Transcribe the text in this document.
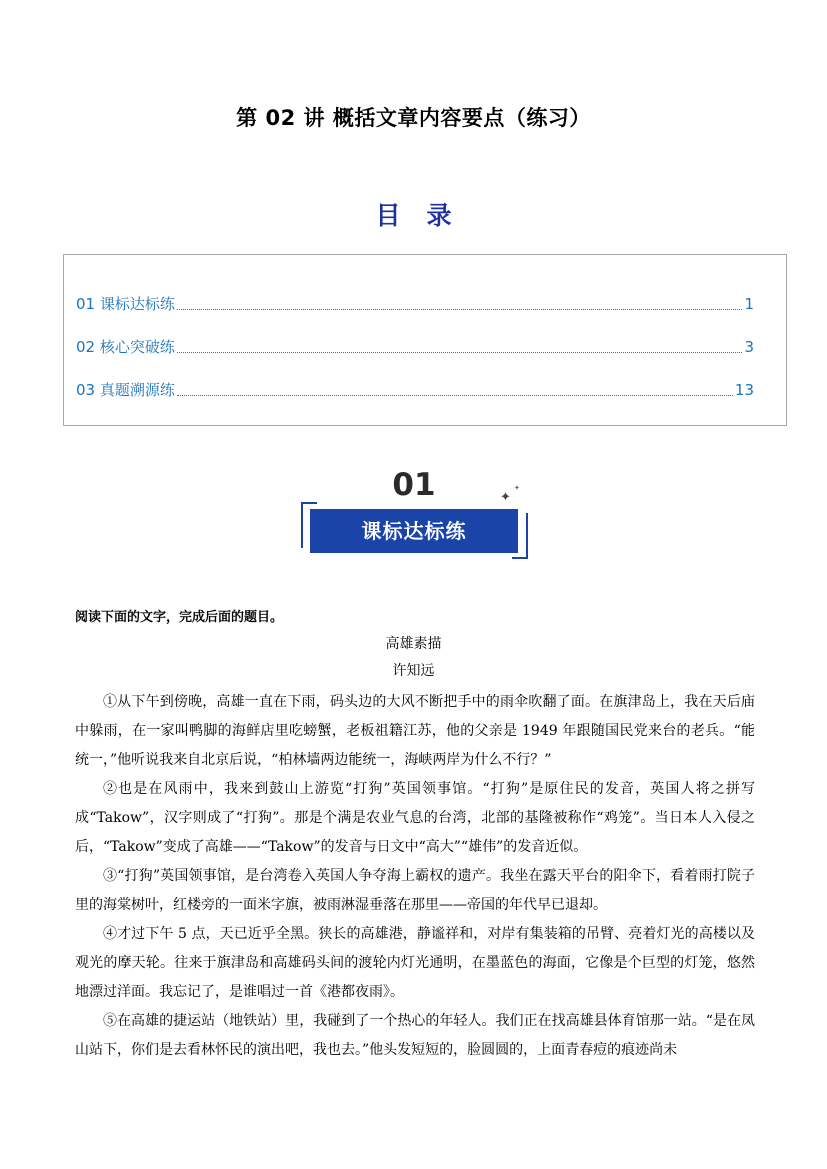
第 02 讲 概括文章内容要点（练习）
目 录
01 课标达标练	1
02 核心突破练	3
03 真题溯源练	13
01
课标达标练
✦
✦
阅读下面的文字，完成后面的题目。
高雄素描
许知远

①从下午到傍晚，高雄一直在下雨，码头边的大风不断把手中的雨伞吹翻了面。在旗津岛上，我在天后庙中躲雨，在一家叫鸭脚的海鲜店里吃螃蟹，老板祖籍江苏，他的父亲是 1949 年跟随国民党来台的老兵。“能统一，”他听说我来自北京后说，“柏林墙两边能统一，海峡两岸为什么不行？”

②也是在风雨中，我来到鼓山上游览“打狗”英国领事馆。“打狗”是原住民的发音，英国人将之拼写成“Takow”，汉字则成了“打狗”。那是个满是农业气息的台湾，北部的基隆被称作“鸡笼”。当日本人入侵之后，“Takow”变成了高雄——“Takow”的发音与日文中“高大”“雄伟”的发音近似。

③“打狗”英国领事馆，是台湾卷入英国人争夺海上霸权的遗产。我坐在露天平台的阳伞下，看着雨打院子里的海棠树叶，红楼旁的一面米字旗，被雨淋湿垂落在那里——帝国的年代早已退却。

④才过下午 5 点，天已近乎全黑。狭长的高雄港，静谧祥和，对岸有集装箱的吊臂、亮着灯光的高楼以及观光的摩天轮。往来于旗津岛和高雄码头间的渡轮内灯光通明，在墨蓝色的海面，它像是个巨型的灯笼，悠然地漂过洋面。我忘记了，是谁唱过一首《港都夜雨》。

⑤在高雄的捷运站（地铁站）里，我碰到了一个热心的年轻人。我们正在找高雄县体育馆那一站。“是在凤山站下，你们是去看林怀民的演出吧，我也去。”他头发短短的，脸圆圆的，上面青春痘的痕迹尚未
